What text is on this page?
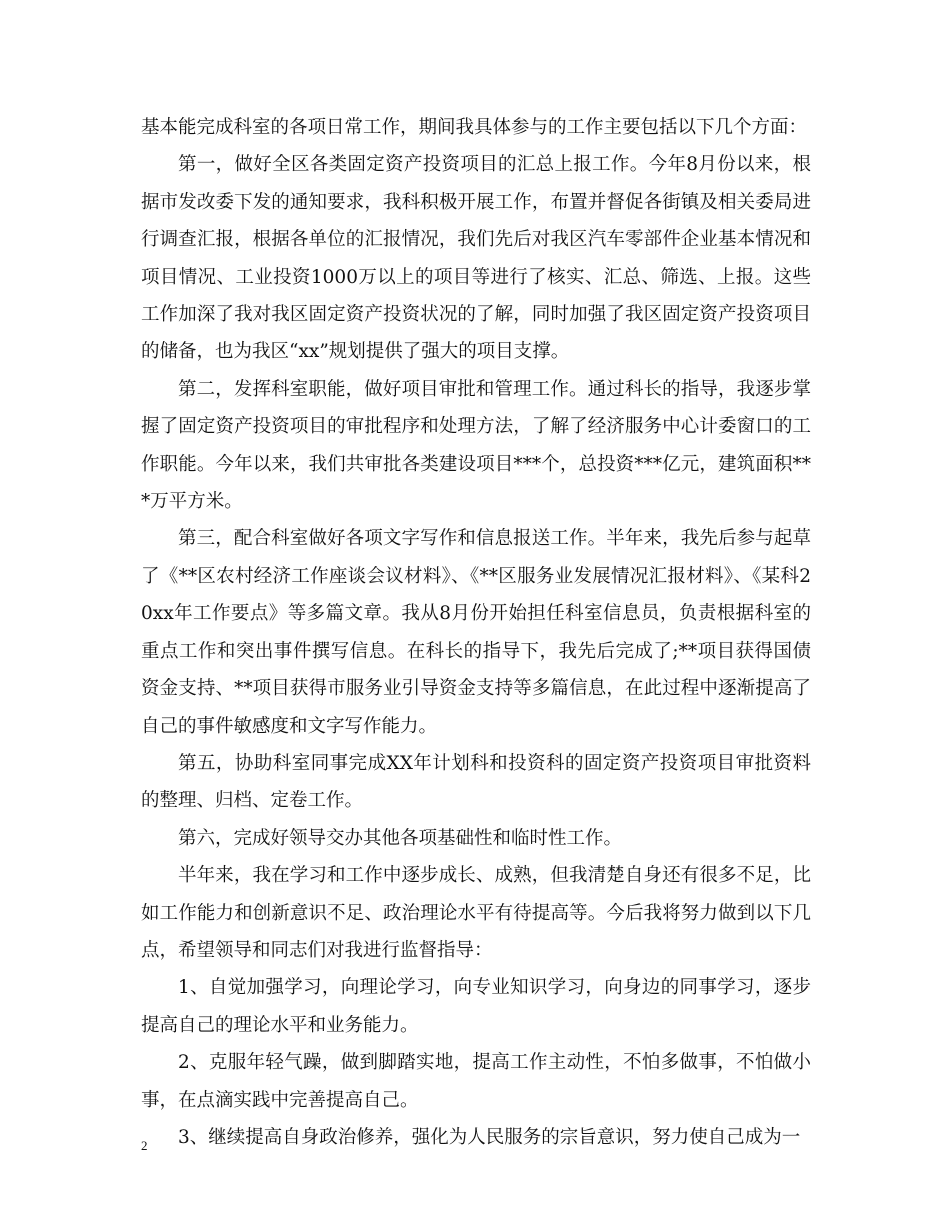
基本能完成科室的各项日常工作，期间我具体参与的工作主要包括以下几个方面：

第一，做好全区各类固定资产投资项目的汇总上报工作。今年8月份以来，根据市发改委下发的通知要求，我科积极开展工作，布置并督促各街镇及相关委局进行调查汇报，根据各单位的汇报情况，我们先后对我区汽车零部件企业基本情况和项目情况、工业投资1000万以上的项目等进行了核实、汇总、筛选、上报。这些工作加深了我对我区固定资产投资状况的了解，同时加强了我区固定资产投资项目的储备，也为我区“xx”规划提供了强大的项目支撑。

第二，发挥科室职能，做好项目审批和管理工作。通过科长的指导，我逐步掌握了固定资产投资项目的审批程序和处理方法，了解了经济服务中心计委窗口的工作职能。今年以来，我们共审批各类建设项目***个，总投资***亿元，建筑面积***万平方米。

第三，配合科室做好各项文字写作和信息报送工作。半年来，我先后参与起草了《**区农村经济工作座谈会议材料》、《**区服务业发展情况汇报材料》、《某科20xx年工作要点》等多篇文章。我从8月份开始担任科室信息员，负责根据科室的重点工作和突出事件撰写信息。在科长的指导下，我先后完成了;**项目获得国债资金支持、**项目获得市服务业引导资金支持等多篇信息，在此过程中逐渐提高了自己的事件敏感度和文字写作能力。

第五，协助科室同事完成XX年计划科和投资科的固定资产投资项目审批资料的整理、归档、定卷工作。

第六，完成好领导交办其他各项基础性和临时性工作。

半年来，我在学习和工作中逐步成长、成熟，但我清楚自身还有很多不足，比如工作能力和创新意识不足、政治理论水平有待提高等。今后我将努力做到以下几点，希望领导和同志们对我进行监督指导：

1、自觉加强学习，向理论学习，向专业知识学习，向身边的同事学习，逐步提高自己的理论水平和业务能力。

2、克服年轻气躁，做到脚踏实地，提高工作主动性，不怕多做事，不怕做小事，在点滴实践中完善提高自己。

3、继续提高自身政治修养，强化为人民服务的宗旨意识，努力使自己成为一

2
